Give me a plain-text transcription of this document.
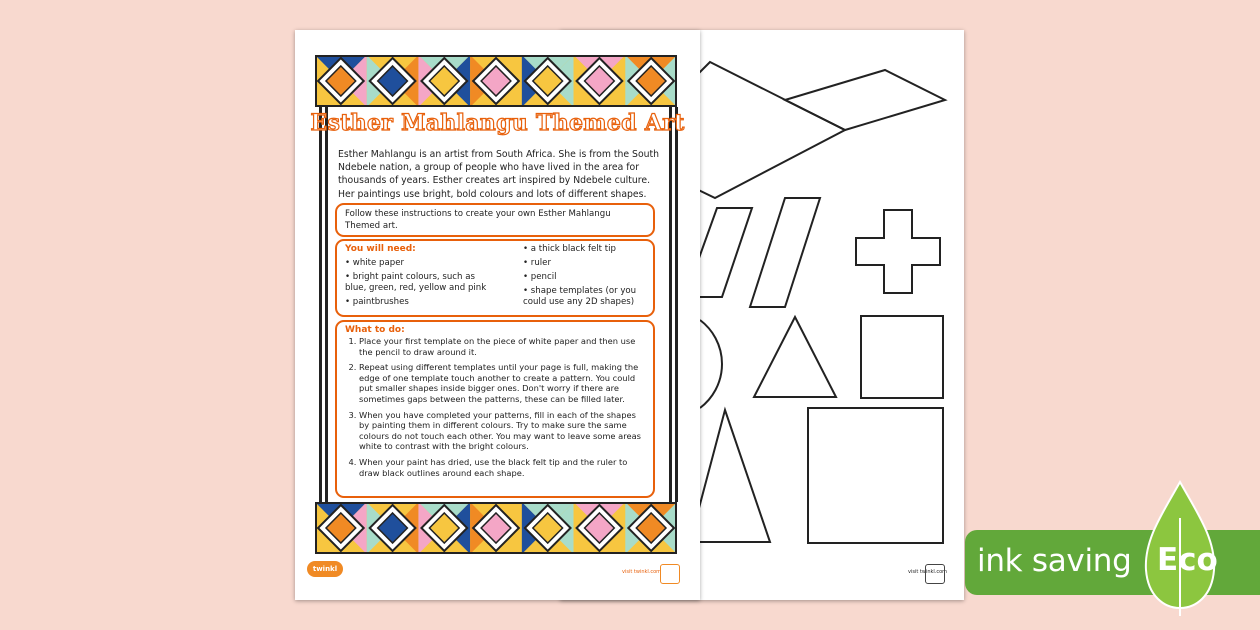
visit twinkl.com
Esther Mahlangu Themed Art
Esther Mahlangu is an artist from South Africa. She is from the South Ndebele nation, a group of people who have lived in the area for thousands of years. Esther creates art inspired by Ndebele culture. Her paintings use bright, bold colours and lots of different shapes.
Follow these instructions to create your own Esther Mahlangu Themed art.
You will need:
• white paper
• bright paint colours, such as blue, green, red, yellow and pink
• paintbrushes
• a thick black felt tip
• ruler
• pencil
• shape templates (or you could use any 2D shapes)
What to do:
1. Place your first template on the piece of white paper and then use the pencil to draw around it.
2. Repeat using different templates until your page is full, making the edge of one template touch another to create a pattern. You could put smaller shapes inside bigger ones. Don't worry if there are sometimes gaps between the patterns, these can be filled later.
3. When you have completed your patterns, fill in each of the shapes by painting them in different colours. Try to make sure the same colours do not touch each other. You may want to leave some areas white to contrast with the bright colours.
4. When your paint has dried, use the black felt tip and the ruler to draw black outlines around each shape.
twinkl	visit twinkl.com	ink saving Eco
